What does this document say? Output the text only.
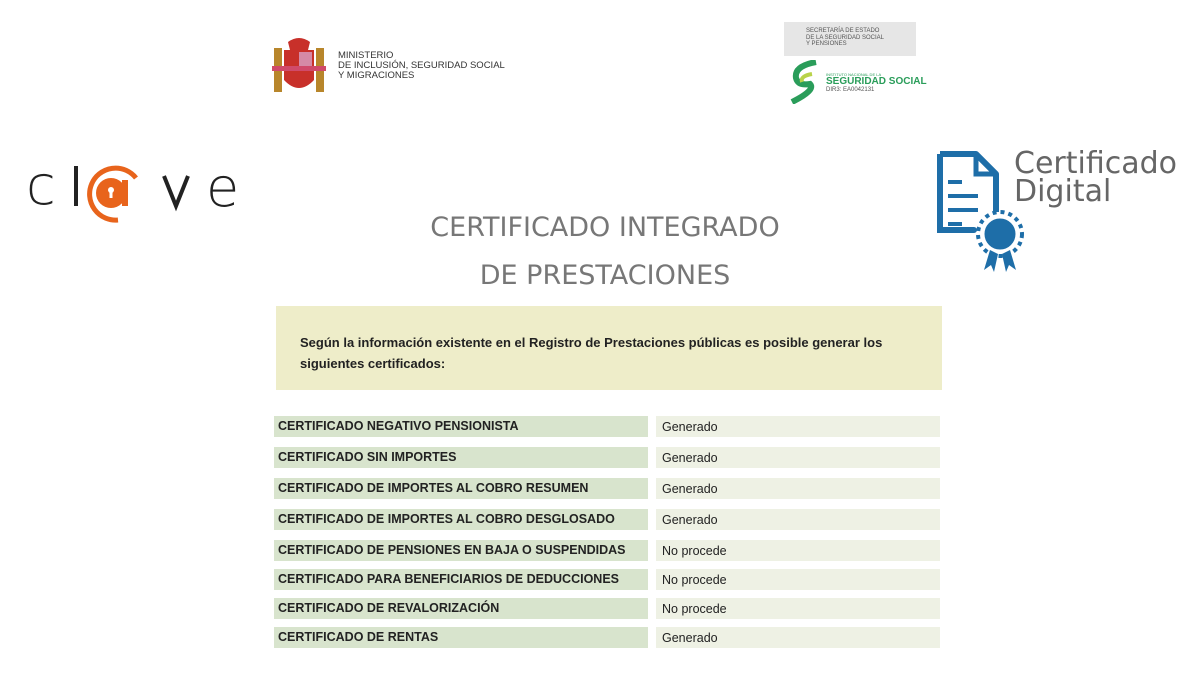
MINISTERIO
DE INCLUSIÓN, SEGURIDAD SOCIAL
Y MIGRACIONES
SECRETARÍA DE ESTADO
DE LA SEGURIDAD SOCIAL
Y PENSIONES
INSTITUTO NACIONAL DE LA
SEGURIDAD SOCIAL
DIR3: EA0042131
c	e	Certificado
Digital
CERTIFICADO INTEGRADO
DE PRESTACIONES
Según la información existente en el Registro de Prestaciones públicas es posible generar los siguientes certificados:
CERTIFICADO NEGATIVO PENSIONISTA	Generado
CERTIFICADO SIN IMPORTES	Generado
CERTIFICADO DE IMPORTES AL COBRO RESUMEN	Generado
CERTIFICADO DE IMPORTES AL COBRO DESGLOSADO	Generado
CERTIFICADO DE PENSIONES EN BAJA O SUSPENDIDAS	No procede
CERTIFICADO PARA BENEFICIARIOS DE DEDUCCIONES	No procede
CERTIFICADO DE REVALORIZACIÓN	No procede
CERTIFICADO DE RENTAS	Generado
